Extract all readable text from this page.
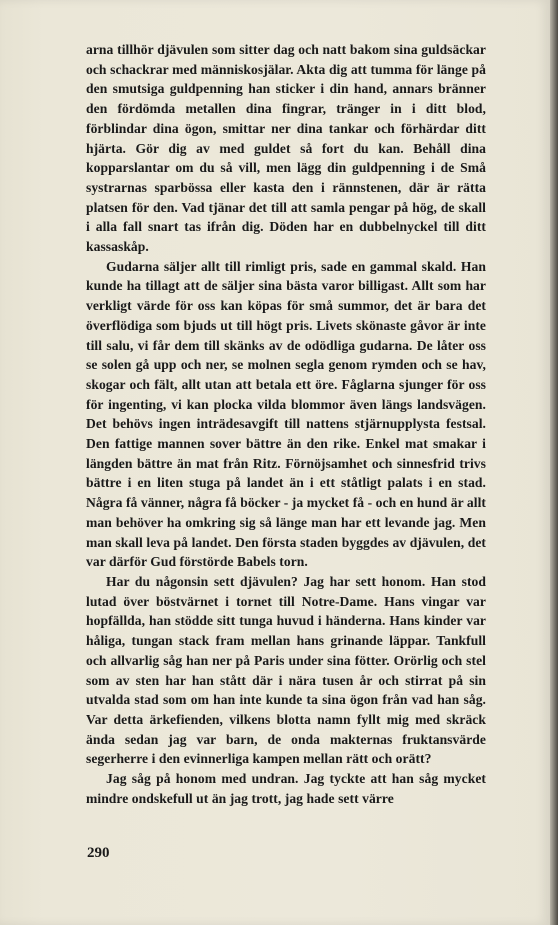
arna tillhör djävulen som sitter dag och natt bakom sina guldsäckar och schackrar med människosjälar. Akta dig att tumma för länge på den smutsiga guldpenning han sticker i din hand, annars bränner den fördömda metallen dina fingrar, tränger in i ditt blod, förblindar dina ögon, smittar ner dina tankar och förhärdar ditt hjärta. Gör dig av med guldet så fort du kan. Behåll dina kopparslantar om du så vill, men lägg din guldpenning i de Små systrarnas sparbössa eller kasta den i rännstenen, där är rätta platsen för den. Vad tjänar det till att samla pengar på hög, de skall i alla fall snart tas ifrån dig. Döden har en dubbelnyckel till ditt kassaskåp.

Gudarna säljer allt till rimligt pris, sade en gammal skald. Han kunde ha tillagt att de säljer sina bästa varor billigast. Allt som har verkligt värde för oss kan köpas för små summor, det är bara det överflödiga som bjuds ut till högt pris. Livets skönaste gåvor är inte till salu, vi får dem till skänks av de odödliga gudarna. De låter oss se solen gå upp och ner, se molnen segla genom rymden och se hav, skogar och fält, allt utan att betala ett öre. Fåglarna sjunger för oss för ingenting, vi kan plocka vilda blommor även längs landsvägen. Det behövs ingen inträdesavgift till nattens stjärnupplysta festsal. Den fattige mannen sover bättre än den rike. Enkel mat smakar i längden bättre än mat från Ritz. Förnöjsamhet och sinnesfrid trivs bättre i en liten stuga på landet än i ett ståtligt palats i en stad. Några få vänner, några få böcker - ja mycket få - och en hund är allt man behöver ha omkring sig så länge man har ett levande jag. Men man skall leva på landet. Den första staden byggdes av djävulen, det var därför Gud förstörde Babels torn.

Har du någonsin sett djävulen? Jag har sett honom. Han stod lutad över böstvärnet i tornet till Notre-Dame. Hans vingar var hopfällda, han stödde sitt tunga huvud i händerna. Hans kinder var håliga, tungan stack fram mellan hans grinande läppar. Tankfull och allvarlig såg han ner på Paris under sina fötter. Orörlig och stel som av sten har han stått där i nära tusen år och stirrat på sin utvalda stad som om han inte kunde ta sina ögon från vad han såg. Var detta ärkefienden, vilkens blotta namn fyllt mig med skräck ända sedan jag var barn, de onda makternas fruktansvärde segerherre i den evinnerliga kampen mellan rätt och orätt?

Jag såg på honom med undran. Jag tyckte att han såg mycket mindre ondskefull ut än jag trott, jag hade sett värre

290
